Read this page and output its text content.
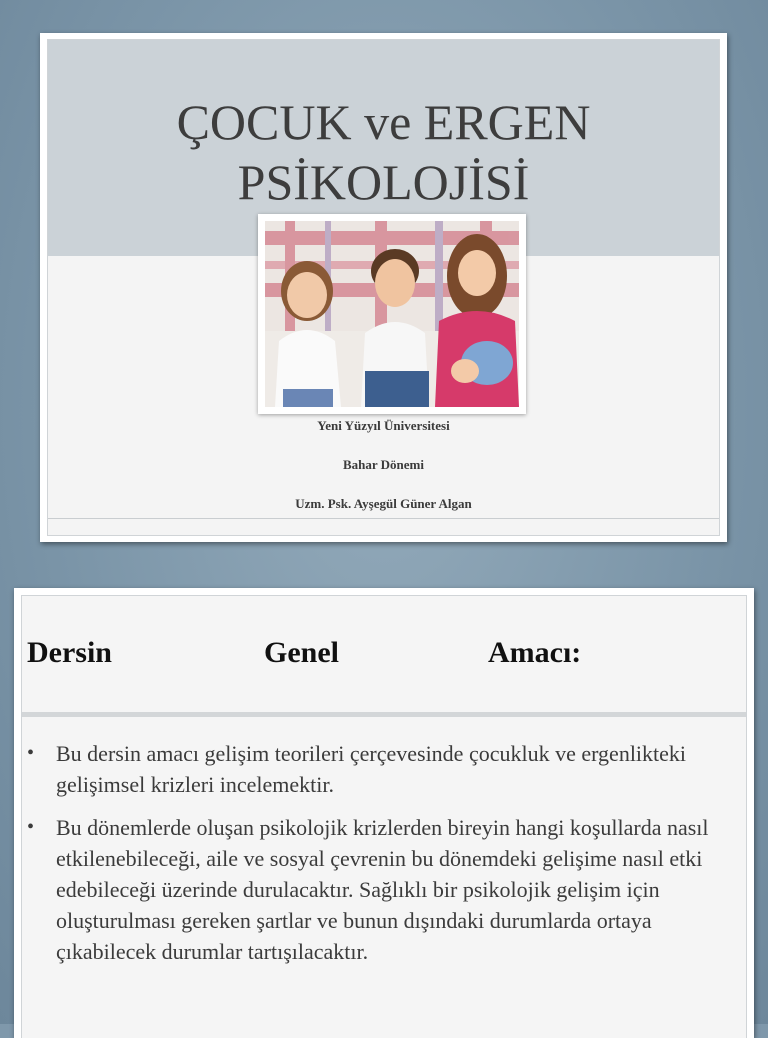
ÇOCUK ve ERGEN
PSİKOLOJİSİ
Yeni Yüzyıl Üniversitesi
Bahar Dönemi
Uzm. Psk. Ayşegül Güner Algan
Dersin	Genel	Amacı:
• Bu dersin amacı gelişim teorileri çerçevesinde çocukluk ve ergenlikteki gelişimsel krizleri incelemektir.
• Bu dönemlerde oluşan psikolojik krizlerden bireyin hangi koşullarda nasıl etkilenebileceği, aile ve sosyal çevrenin bu dönemdeki gelişime nasıl etki edebileceği üzerinde durulacaktır. Sağlıklı bir psikolojik gelişim için oluşturulması gereken şartlar ve bunun dışındaki durumlarda ortaya çıkabilecek durumlar tartışılacaktır.
